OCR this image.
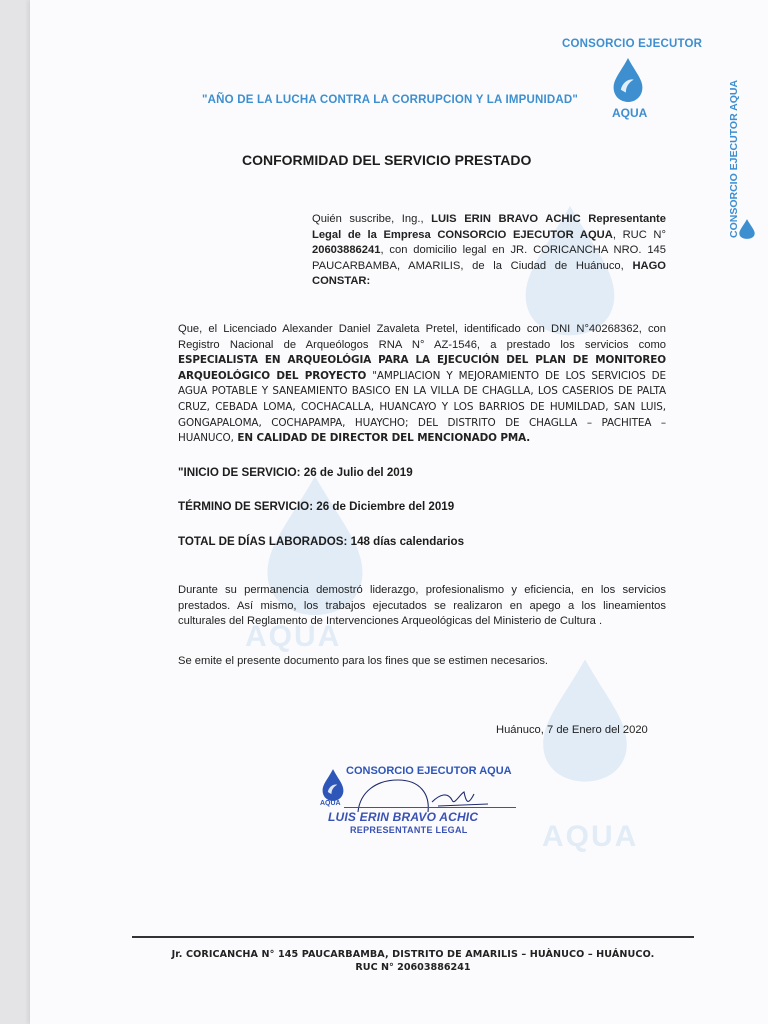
AQUA
AQUA
CONSORCIO EJECUTOR
AQUA
"AÑO DE LA LUCHA CONTRA LA CORRUPCION Y LA IMPUNIDAD"	CONSORCIO EJECUTOR AQUA
CONFORMIDAD DEL SERVICIO PRESTADO
Quién suscribe, Ing., LUIS ERIN BRAVO ACHIC Representante Legal de la Empresa CONSORCIO EJECUTOR AQUA, RUC N° 20603886241, con domicilio legal en JR. CORICANCHA NRO. 145 PAUCARBAMBA, AMARILIS, de la Ciudad de Huánuco, HAGO CONSTAR:
Que, el Licenciado Alexander Daniel Zavaleta Pretel, identificado con DNI N°40268362, con Registro Nacional de Arqueólogos RNA N° AZ-1546, a prestado los servicios como ESPECIALISTA EN ARQUEOLÓGIA PARA LA EJECUCIÓN DEL PLAN DE MONITOREO ARQUEOLÓGICO DEL PROYECTO "AMPLIACION Y MEJORAMIENTO DE LOS SERVICIOS DE AGUA POTABLE Y SANEAMIENTO BASICO EN LA VILLA DE CHAGLLA, LOS CASERIOS DE PALTA CRUZ, CEBADA LOMA, COCHACALLA, HUANCAYO Y LOS BARRIOS DE HUMILDAD, SAN LUIS, GONGAPALOMA, COCHAPAMPA, HUAYCHO; DEL DISTRITO DE CHAGLLA – PACHITEA – HUANUCO, EN CALIDAD DE DIRECTOR DEL MENCIONADO PMA.
"INICIO DE SERVICIO: 26 de Julio del 2019
TÉRMINO DE SERVICIO: 26 de Diciembre del 2019
TOTAL DE DÍAS LABORADOS: 148 días calendarios
Durante su permanencia demostró liderazgo, profesionalismo y eficiencia, en los servicios prestados. Así mismo, los trabajos ejecutados se realizaron en apego a los lineamientos culturales del Reglamento de Intervenciones Arqueológicas del Ministerio de Cultura .
Se emite el presente documento para los fines que se estimen necesarios.
Huánuco, 7 de Enero del 2020
AQUA
CONSORCIO EJECUTOR AQUA
LUIS ERIN BRAVO ACHIC
REPRESENTANTE LEGAL
Jr. CORICANCHA N° 145 PAUCARBAMBA, DISTRITO DE AMARILIS – HUÀNUCO – HUÁNUCO.
RUC N° 20603886241
